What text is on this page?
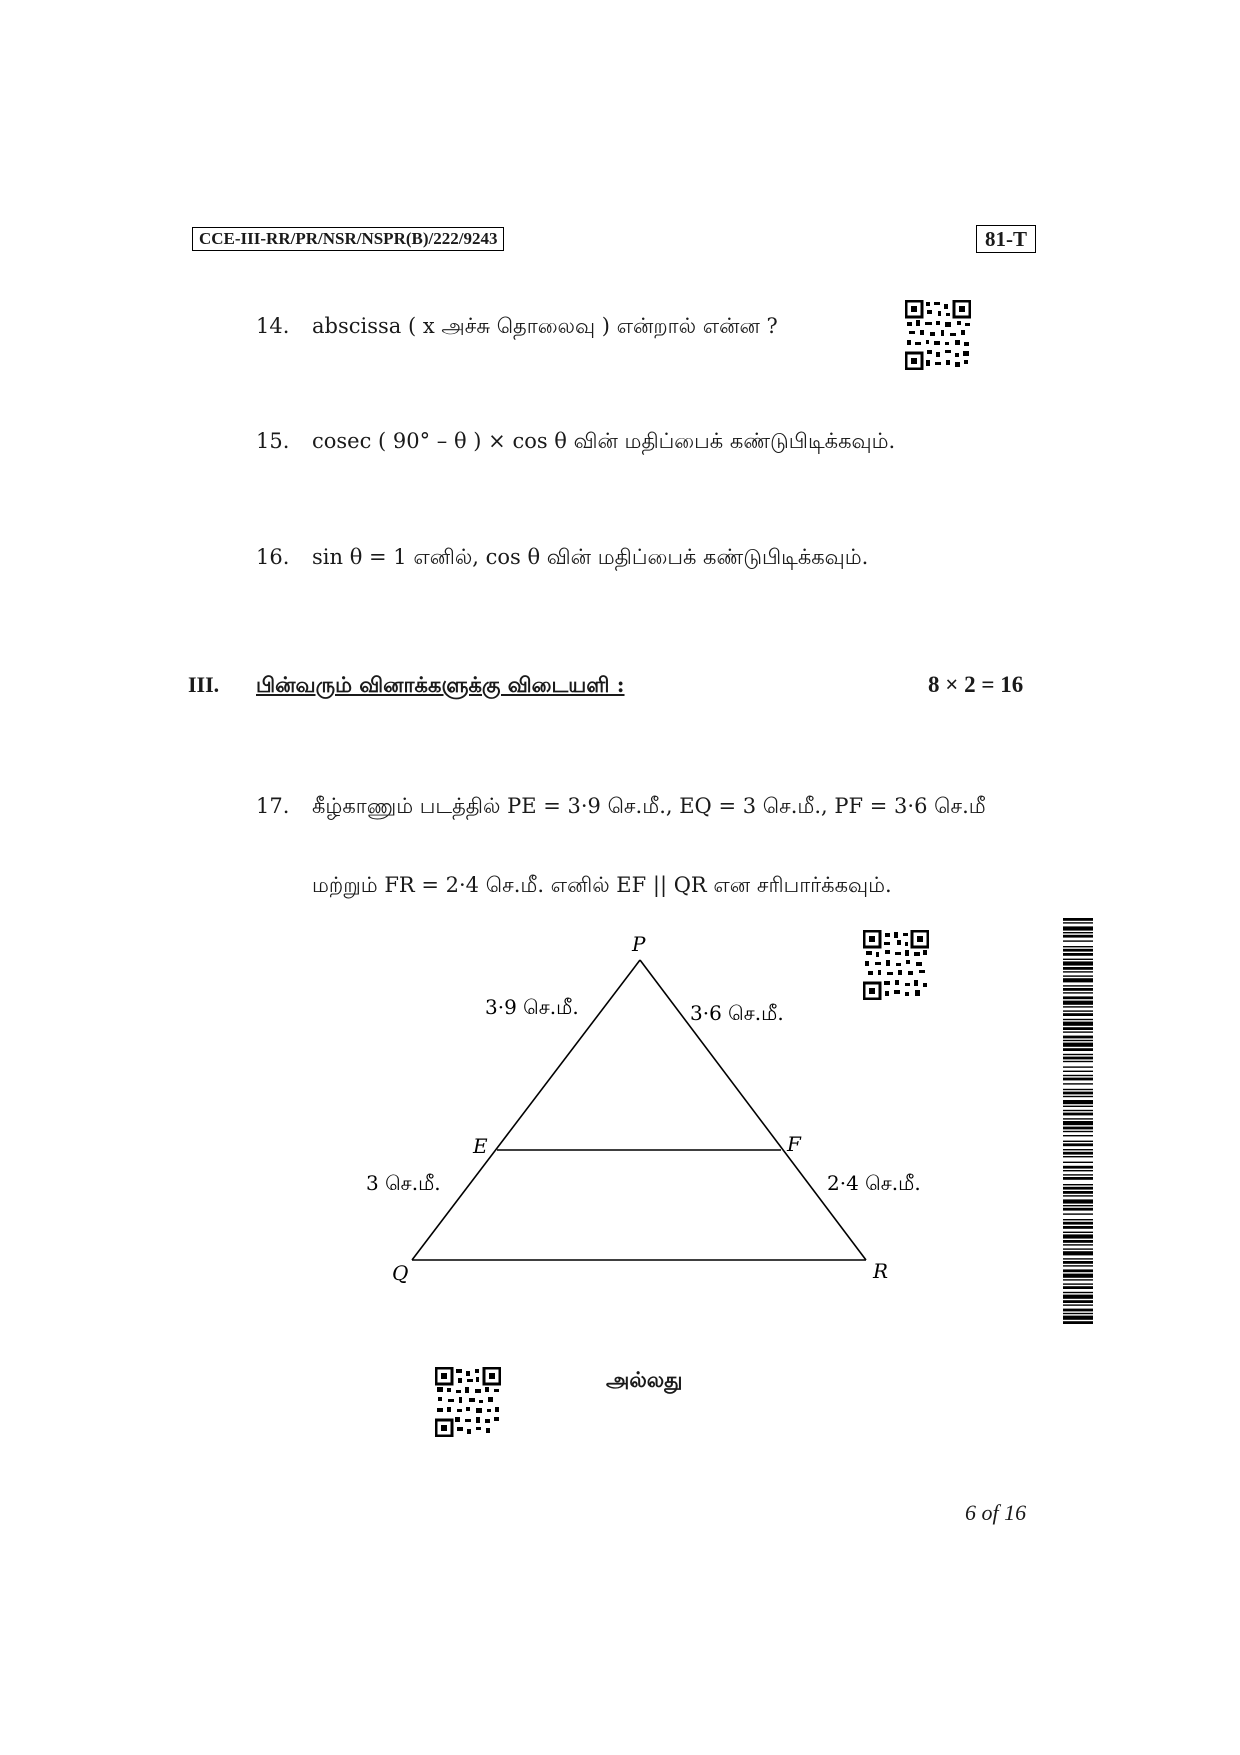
CCE-III-RR/PR/NSR/NSPR(B)/222/9243	81-T
14. abscissa ( x அச்சு தொலைவு ) என்றால் என்ன ?
15. cosec ( 90° – θ ) × cos θ வின் மதிப்பைக் கண்டுபிடிக்கவும்.
16. sin θ = 1 எனில், cos θ வின் மதிப்பைக் கண்டுபிடிக்கவும்.
III. பின்வரும் வினாக்களுக்கு விடையளி :	8 × 2 = 16
17. கீழ்காணும் படத்தில் PE = 3·9 செ.மீ., EQ = 3 செ.மீ., PF = 3·6 செ.மீ
மற்றும் FR = 2·4 செ.மீ. எனில் EF || QR என சரிபார்க்கவும்.
P
Q	R
E	F
3·9 செ.மீ.	3·6 செ.மீ.
3 செ.மீ.	2·4 செ.மீ.
அல்லது
6 of 16
